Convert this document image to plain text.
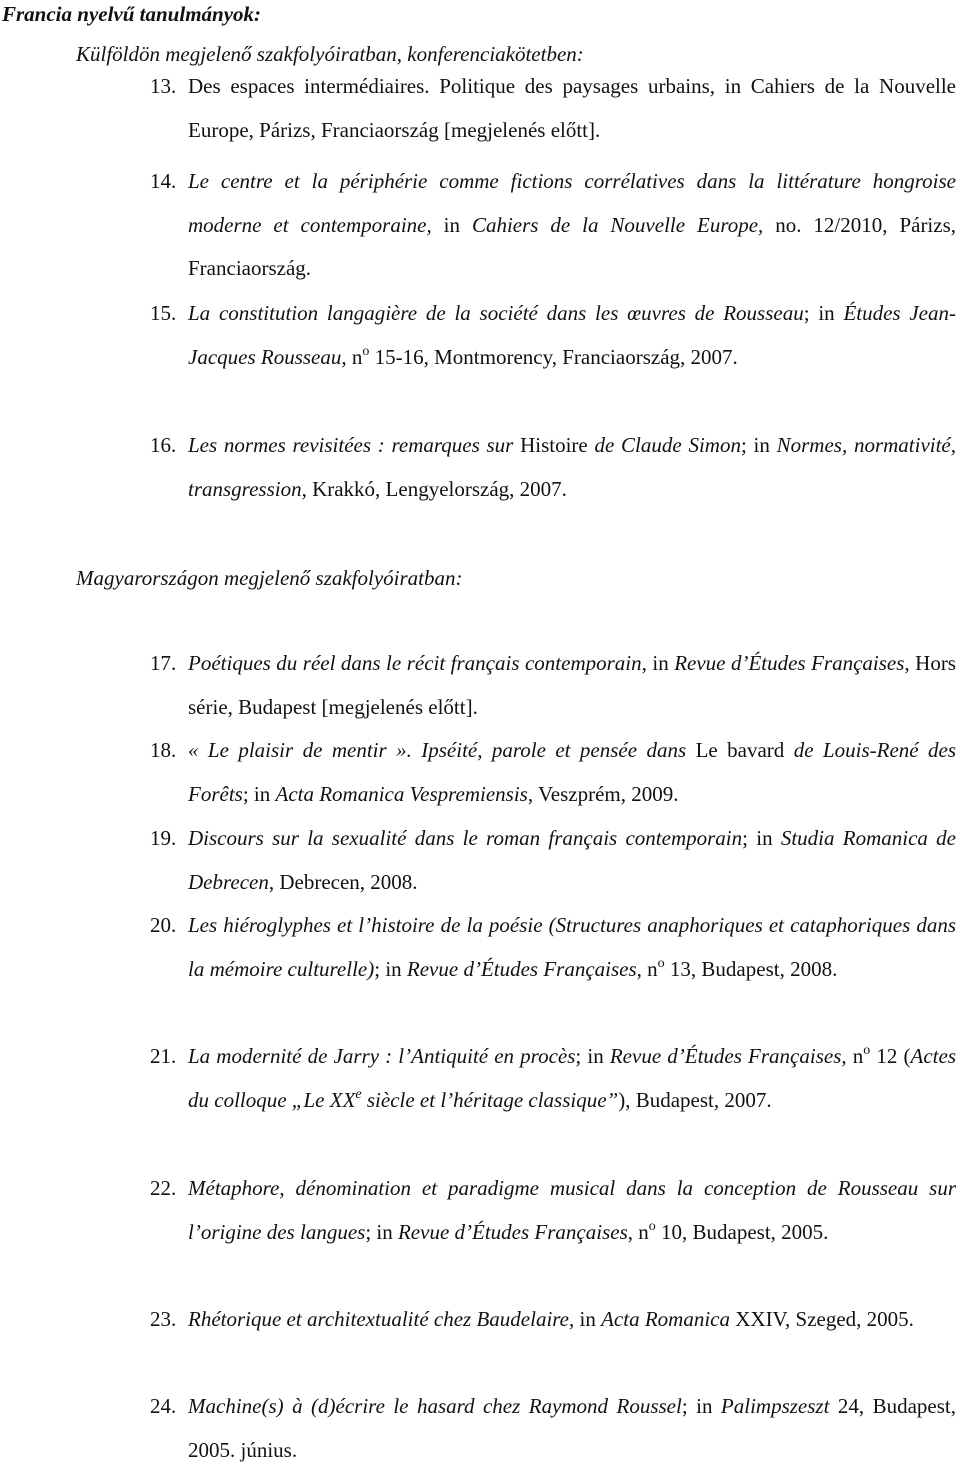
Francia nyelvű tanulmányok:
Külföldön megjelenő szakfolyóiratban, konferenciakötetben:
Magyarországon megjelenő szakfolyóiratban:
13. Des espaces intermédiaires. Politique des paysages urbains, in Cahiers de la Nouvelle Europe, Párizs, Franciaország [megjelenés előtt].
14. Le centre et la périphérie comme fictions corrélatives dans la littérature hongroise moderne et contemporaine, in Cahiers de la Nouvelle Europe, no. 12/2010, Párizs, Franciaország.
15. La constitution langagière de la société dans les œuvres de Rousseau; in Études Jean-Jacques Rousseau, $n^o$ 15-16, Montmorency, Franciaország, 2007.
16. Les normes revisitées : remarques sur Histoire de Claude Simon; in Normes, normativité, transgression, Krakkó, Lengyelország, 2007.
17. Poétiques du réel dans le récit français contemporain, in Revue d’Études Françaises, Hors série, Budapest [megjelenés előtt].
18. « Le plaisir de mentir ». Ipséité, parole et pensée dans Le bavard de Louis-René des Forêts; in Acta Romanica Vespremiensis, Veszprém, 2009.
19. Discours sur la sexualité dans le roman français contemporain; in Studia Romanica de Debrecen, Debrecen, 2008.
20. Les hiéroglyphes et l’histoire de la poésie (Structures anaphoriques et cataphoriques dans la mémoire culturelle); in Revue d’Études Françaises, $n^o$ 13, Budapest, 2008.
21. La modernité de Jarry : l’Antiquité en procès; in Revue d’Études Françaises, $n^o$ 12 (Actes du colloque „Le XXe siècle et l’héritage classique”), Budapest, 2007.
22. Métaphore, dénomination et paradigme musical dans la conception de Rousseau sur l’origine des langues; in Revue d’Études Françaises, $n^o$ 10, Budapest, 2005.
23. Rhétorique et architextualité chez Baudelaire, in Acta Romanica XXIV, Szeged, 2005.
24. Machine(s) à (d)écrire le hasard chez Raymond Roussel; in Palimpszeszt 24, Budapest, 2005. június.
